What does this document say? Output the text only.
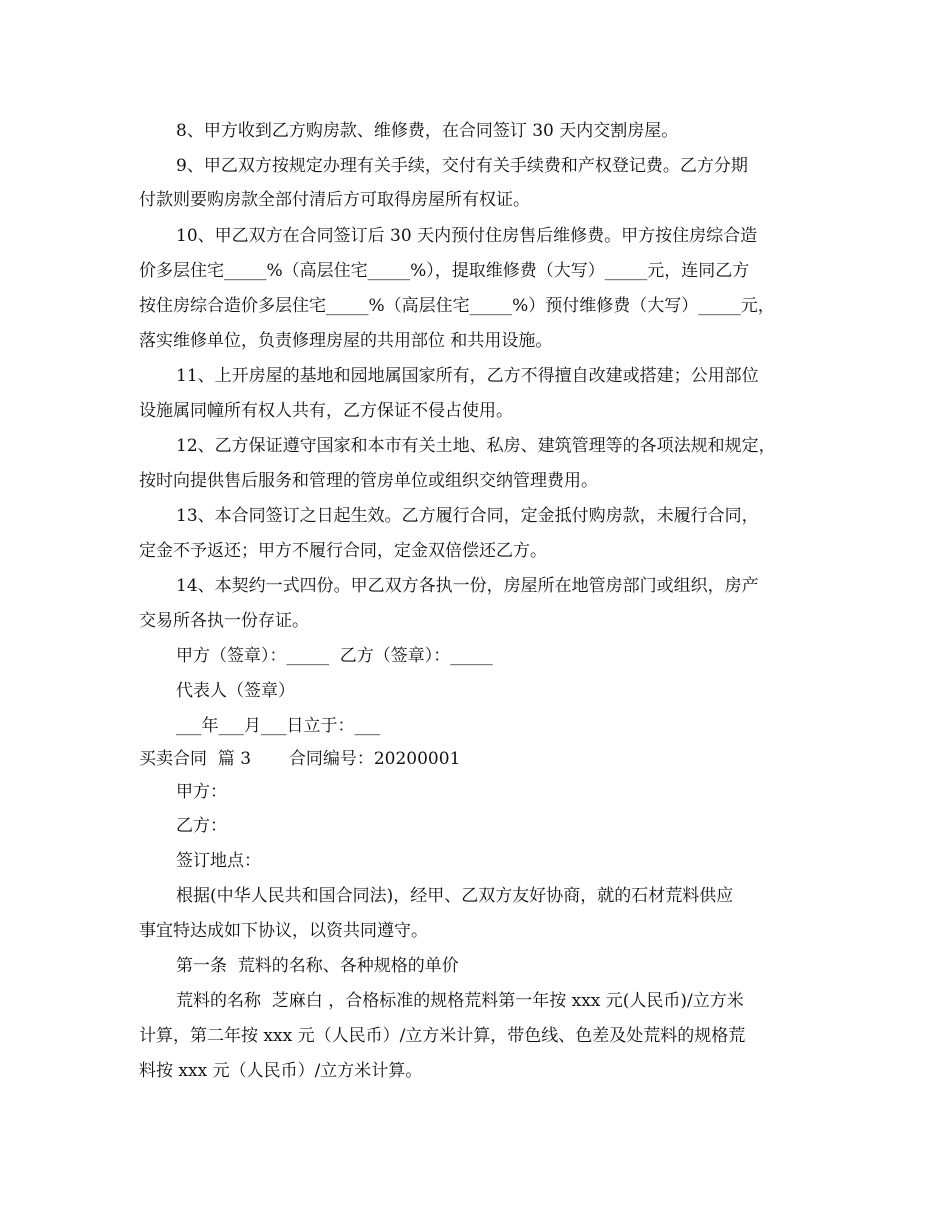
8、甲方收到乙方购房款、维修费，在合同签订 30 天内交割房屋。
9、甲乙双方按规定办理有关手续，交付有关手续费和产权登记费。乙方分期
付款则要购房款全部付清后方可取得房屋所有权证。
10、甲乙双方在合同签订后 30 天内预付住房售后维修费。甲方按住房综合造
价多层住宅_____%（高层住宅_____%），提取维修费（大写）_____元，连同乙方
按住房综合造价多层住宅_____%（高层住宅_____%）预付维修费（大写）_____元，
落实维修单位，负责修理房屋的共用部位 和共用设施。
11、上开房屋的基地和园地属国家所有，乙方不得擅自改建或搭建；公用部位
设施属同幢所有权人共有，乙方保证不侵占使用。
12、乙方保证遵守国家和本市有关土地、私房、建筑管理等的各项法规和规定，
按时向提供售后服务和管理的管房单位或组织交纳管理费用。
13、本合同签订之日起生效。乙方履行合同，定金抵付购房款，未履行合同，
定金不予返还；甲方不履行合同，定金双倍偿还乙方。
14、本契约一式四份。甲乙双方各执一份，房屋所在地管房部门或组织，房产
交易所各执一份存证。
甲方（签章）：_____  乙方（签章）：_____
代表人（签章）
___年___月___日立于：___
买卖合同  篇 3       合同编号：20200001
甲方：
乙方：
签订地点：
根据(中华人民共和国合同法)，经甲、乙双方友好协商，就的石材荒料供应
事宜特达成如下协议，以资共同遵守。
第一条  荒料的名称、各种规格的单价
荒料的名称  芝麻白 ，合格标准的规格荒料第一年按 xxx 元(人民币)/立方米
计算，第二年按 xxx 元（人民币）/立方米计算，带色线、色差及处荒料的规格荒
料按 xxx 元（人民币）/立方米计算。
